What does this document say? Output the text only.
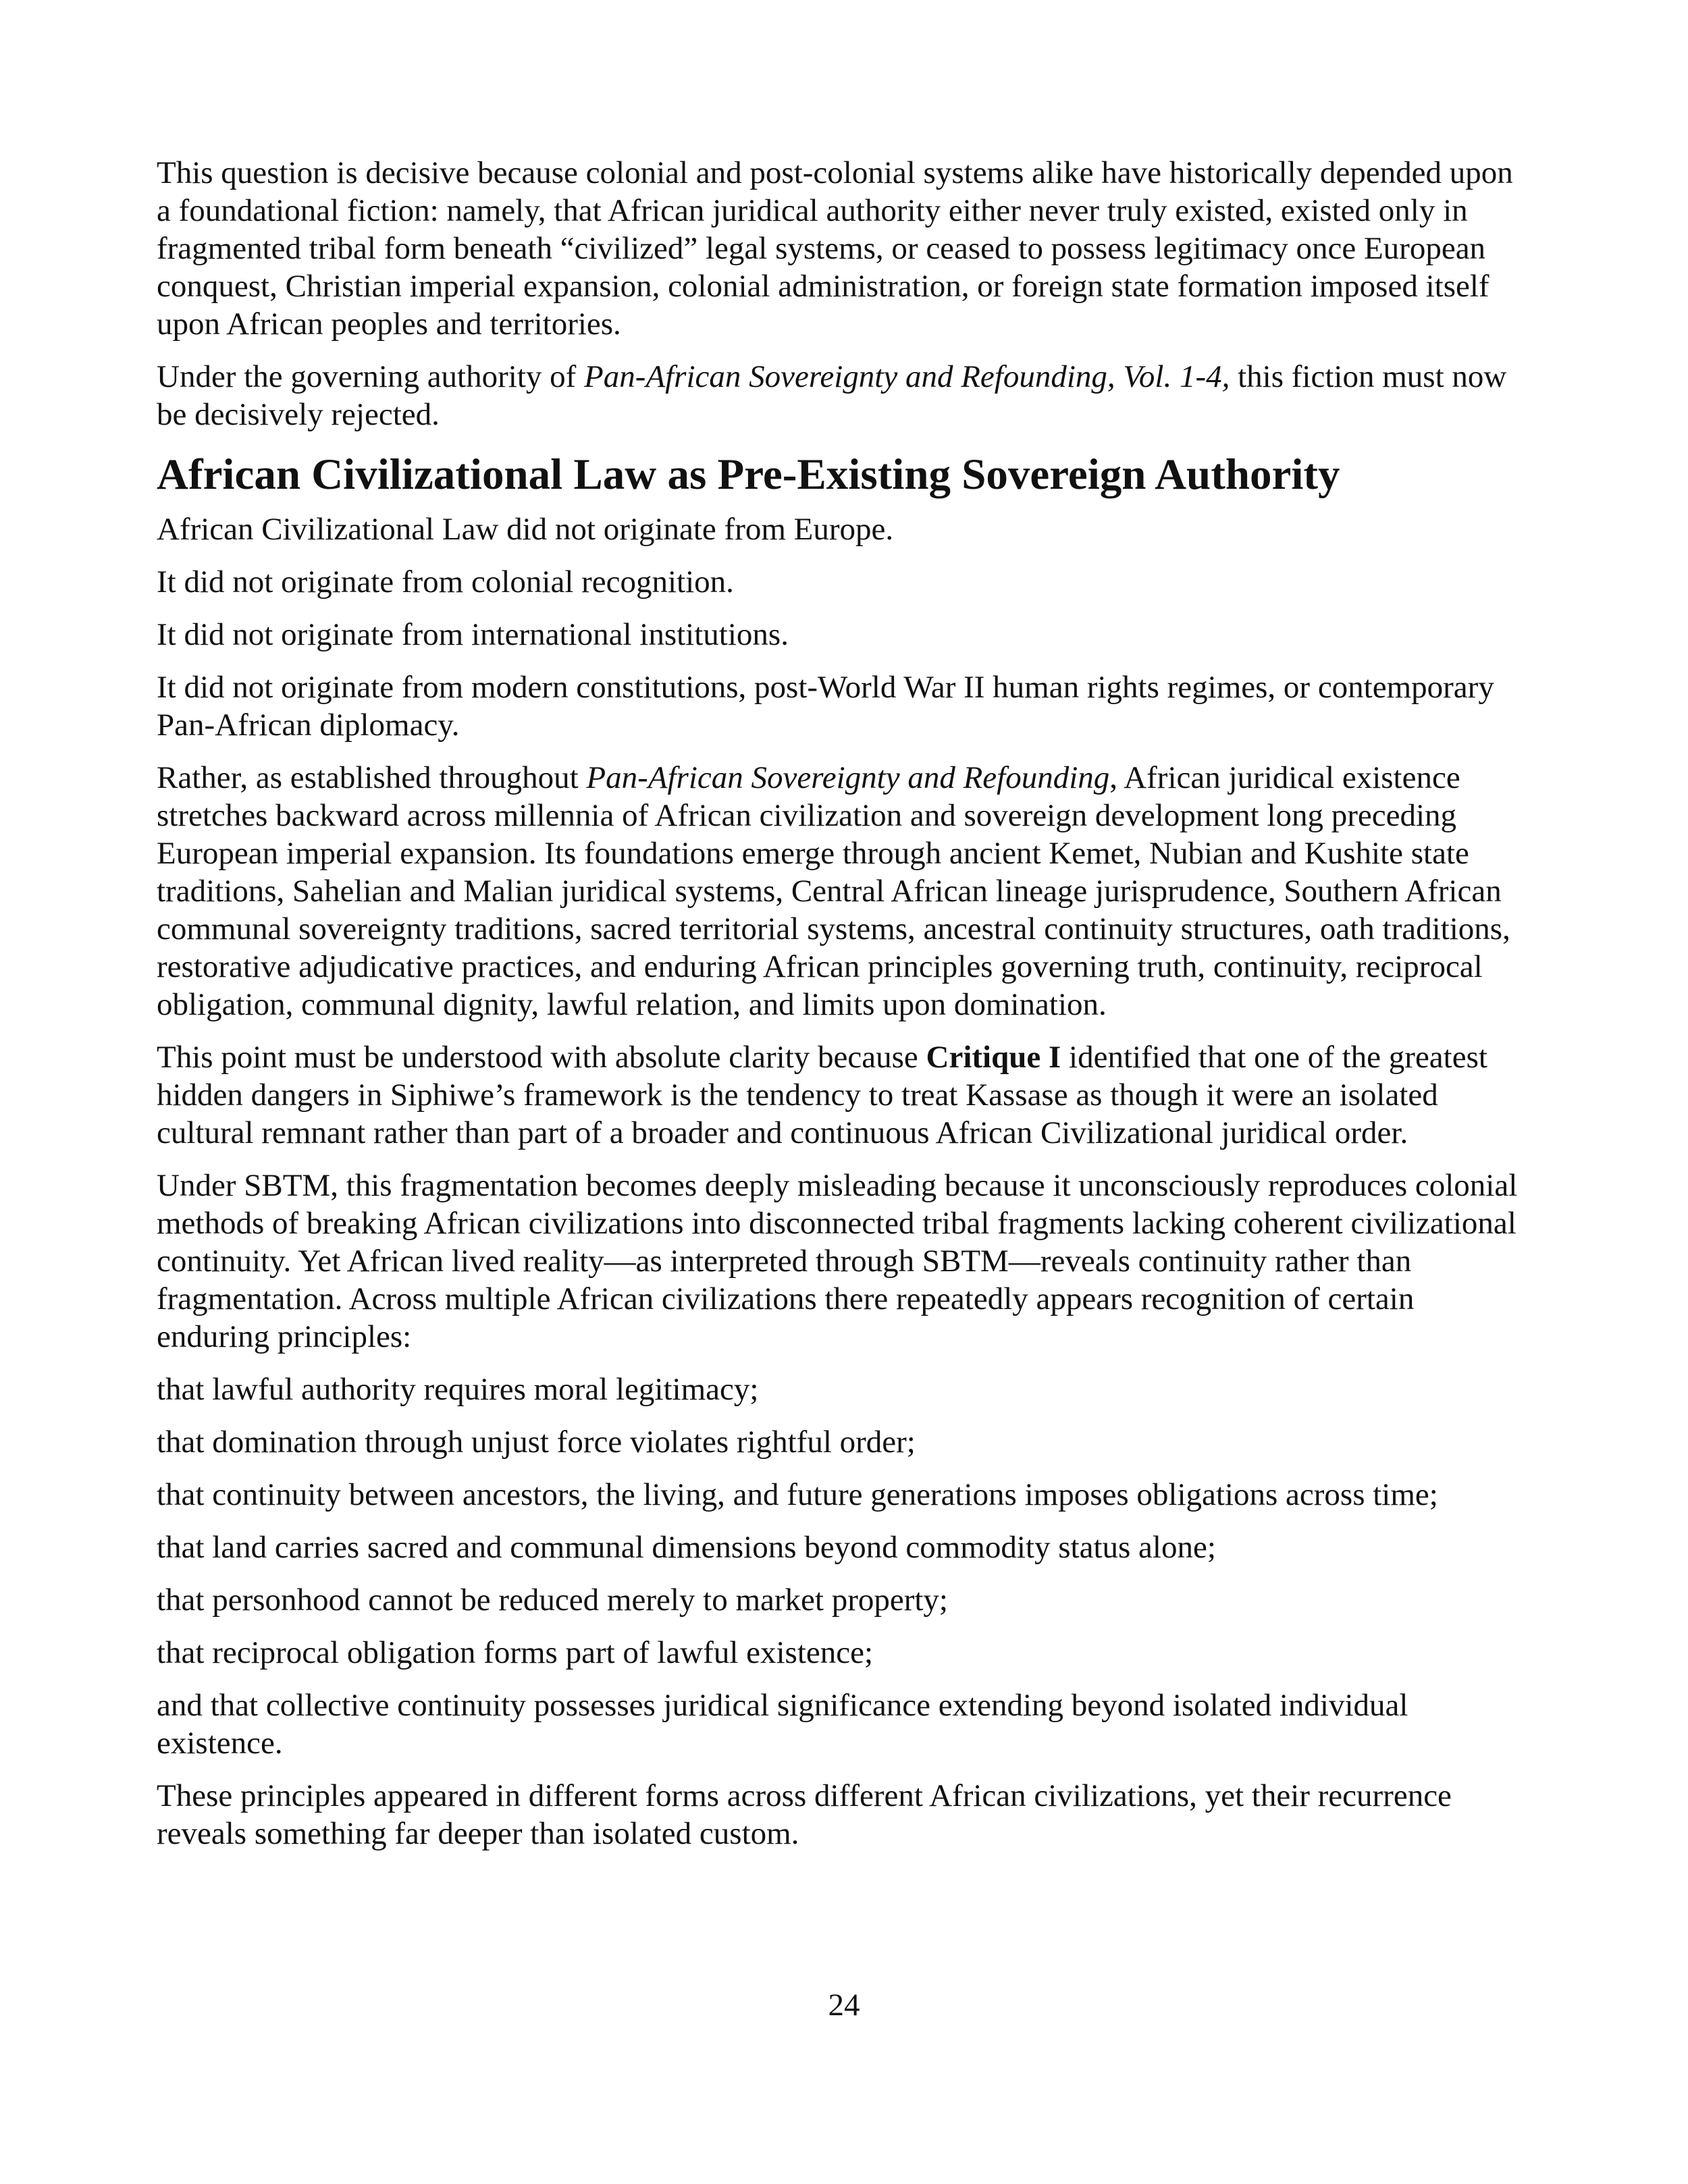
This question is decisive because colonial and post-colonial systems alike have historically depended upon a foundational fiction: namely, that African juridical authority either never truly existed, existed only in fragmented tribal form beneath “civilized” legal systems, or ceased to possess legitimacy once European conquest, Christian imperial expansion, colonial administration, or foreign state formation imposed itself upon African peoples and territories.

Under the governing authority of Pan-African Sovereignty and Refounding, Vol. 1-4, this fiction must now be decisively rejected.

African Civilizational Law as Pre-Existing Sovereign Authority

African Civilizational Law did not originate from Europe.

It did not originate from colonial recognition.

It did not originate from international institutions.

It did not originate from modern constitutions, post-World War II human rights regimes, or contemporary Pan-African diplomacy.

Rather, as established throughout Pan-African Sovereignty and Refounding, African juridical existence stretches backward across millennia of African civilization and sovereign development long preceding European imperial expansion. Its foundations emerge through ancient Kemet, Nubian and Kushite state traditions, Sahelian and Malian juridical systems, Central African lineage jurisprudence, Southern African communal sovereignty traditions, sacred territorial systems, ancestral continuity structures, oath traditions, restorative adjudicative practices, and enduring African principles governing truth, continuity, reciprocal obligation, communal dignity, lawful relation, and limits upon domination.

This point must be understood with absolute clarity because Critique I identified that one of the greatest hidden dangers in Siphiwe’s framework is the tendency to treat Kassase as though it were an isolated cultural remnant rather than part of a broader and continuous African Civilizational juridical order.

Under SBTM, this fragmentation becomes deeply misleading because it unconsciously reproduces colonial methods of breaking African civilizations into disconnected tribal fragments lacking coherent civilizational continuity. Yet African lived reality—as interpreted through SBTM—reveals continuity rather than fragmentation. Across multiple African civilizations there repeatedly appears recognition of certain enduring principles:

that lawful authority requires moral legitimacy;

that domination through unjust force violates rightful order;

that continuity between ancestors, the living, and future generations imposes obligations across time;

that land carries sacred and communal dimensions beyond commodity status alone;

that personhood cannot be reduced merely to market property;

that reciprocal obligation forms part of lawful existence;

and that collective continuity possesses juridical significance extending beyond isolated individual existence.

These principles appeared in different forms across different African civilizations, yet their recurrence reveals something far deeper than isolated custom.

24
